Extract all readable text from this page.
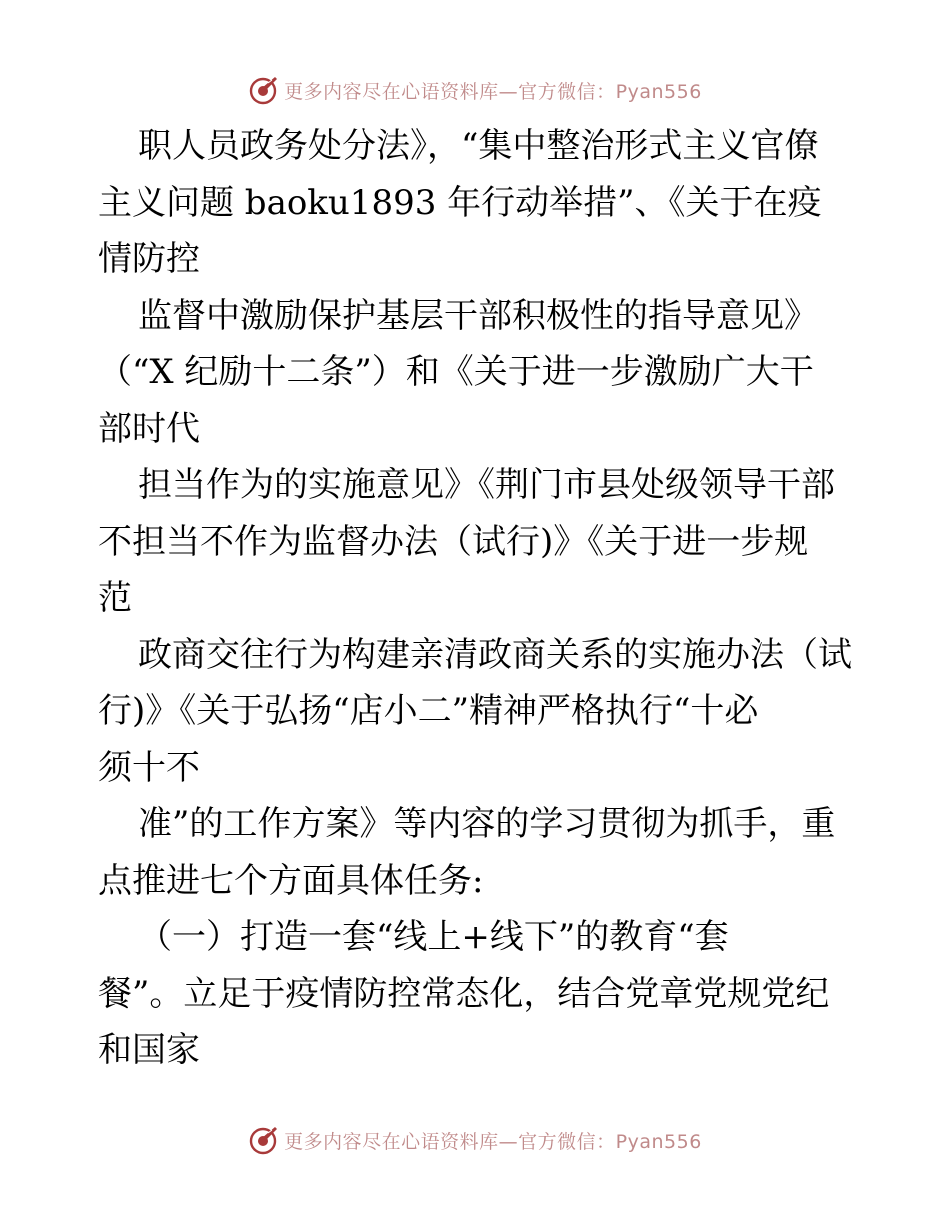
更多内容尽在心语资料库—官方微信：Pyan556
职人员政务处分法》，“集中整治形式主义官僚
主义问题 baoku1893 年行动举措”、《关于在疫
情防控
监督中激励保护基层干部积极性的指导意见》
（“X 纪励十二条”）和《关于进一步激励广大干
部时代
担当作为的实施意见》《荆门市县处级领导干部
不担当不作为监督办法（试行)》《关于进一步规
范
政商交往行为构建亲清政商关系的实施办法（试
行)》《关于弘扬“店小二”精神严格执行“十必
须十不
准”的工作方案》等内容的学习贯彻为抓手，重
点推进七个方面具体任务:
（一）打造一套“线上+线下”的教育“套
餐”。立足于疫情防控常态化，结合党章党规党纪
和国家
更多内容尽在心语资料库—官方微信：Pyan556
